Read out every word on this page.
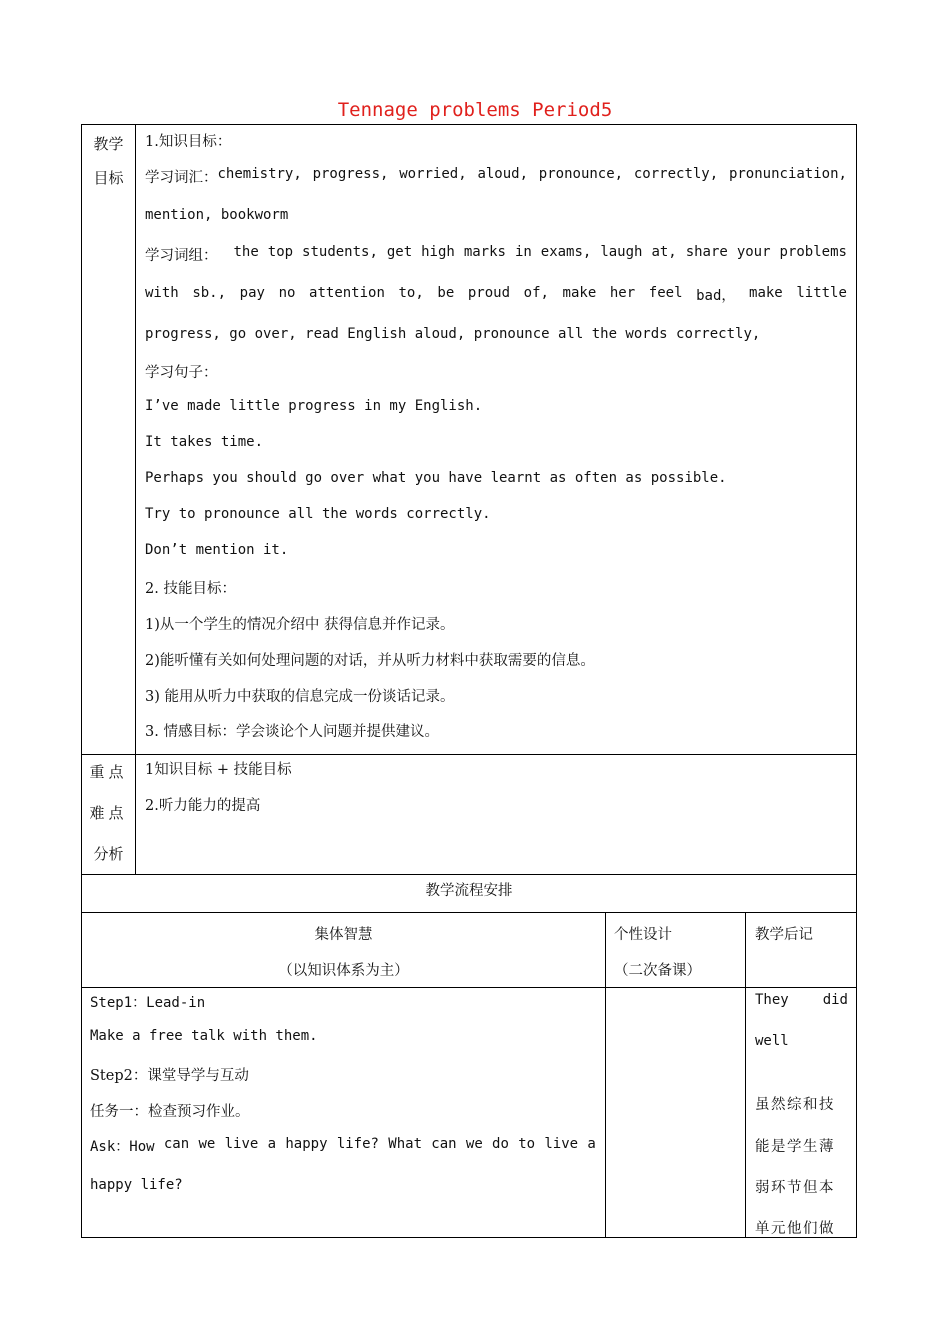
Tennage problems Period5
教学
目标
1.知识目标：
学习词汇： chemistry, progress, worried, aloud, pronounce, correctly, pronunciation,
mention, bookworm
学习词组： the top students, get high marks in exams, laugh at, share your problems
with sb., pay no attention to, be proud of, make her feel bad， make little
progress, go over, read English aloud, pronounce all the words correctly,
学习句子：
I’ve made little progress in my English.
It takes time.
Perhaps you should go over what you have learnt as often as possible.
Try to pronounce all the words correctly.
Don’t mention it.
2. 技能目标：
1)从一个学生的情况介绍中 获得信息并作记录。
2)能听懂有关如何处理问题的对话，并从听力材料中获取需要的信息。
3) 能用从听力中获取的信息完成一份谈话记录。
3. 情感目标：学会谈论个人问题并提供建议。
重点
难点
分析
1知识目标 + 技能目标
2.听力能力的提高
教学流程安排
集体智慧
（以知识体系为主）
个性设计
（二次备课）
教学后记
Step1：Lead-in
Make a free talk with them.
Step2：课堂导学与互动
任务一：检查预习作业。
Ask：How can we live a happy life? What can we do to live a
happy life?
They did
well
虽然综和技
能是学生薄
弱环节但本
单元他们做
